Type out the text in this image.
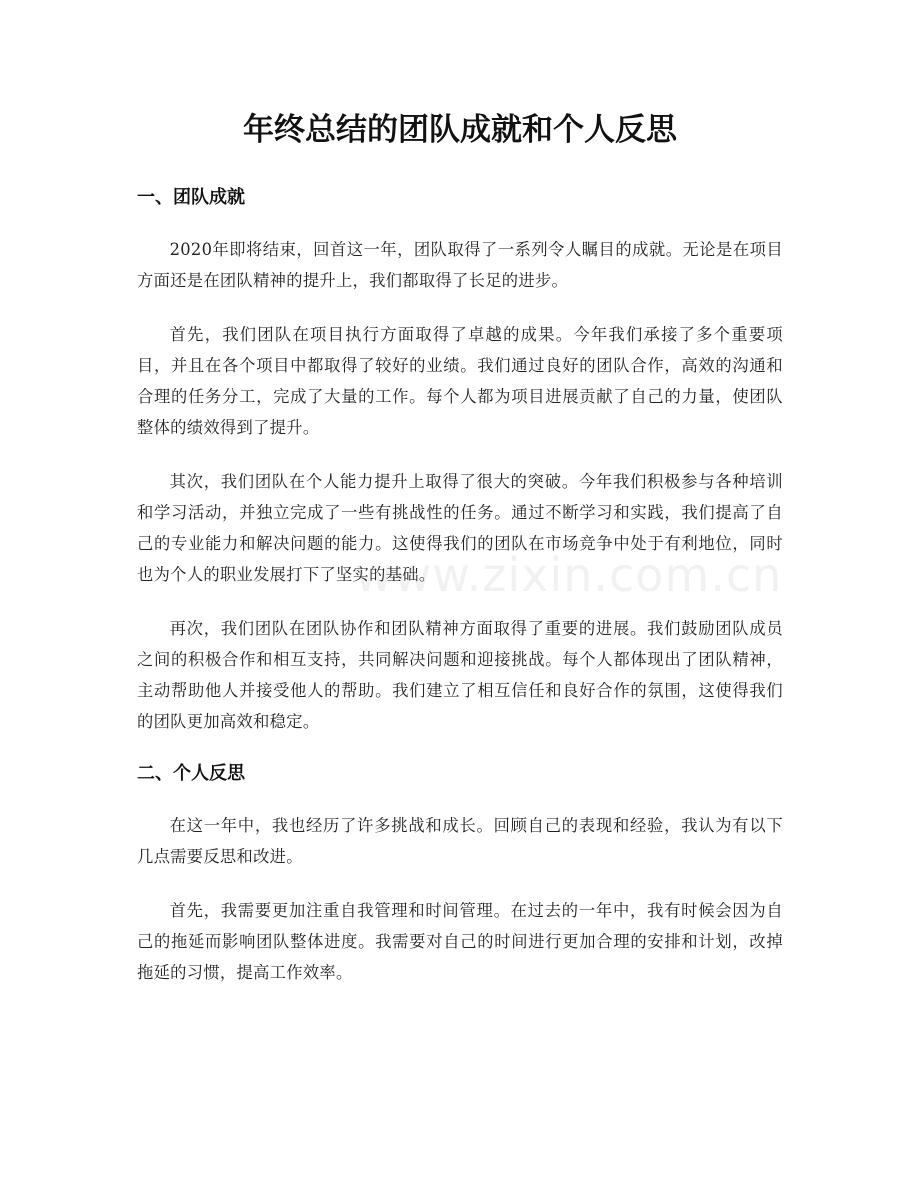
年终总结的团队成就和个人反思
一、团队成就

2020年即将结束，回首这一年，团队取得了一系列令人瞩目的成就。无论是在项目方面还是在团队精神的提升上，我们都取得了长足的进步。

首先，我们团队在项目执行方面取得了卓越的成果。今年我们承接了多个重要项目，并且在各个项目中都取得了较好的业绩。我们通过良好的团队合作，高效的沟通和合理的任务分工，完成了大量的工作。每个人都为项目进展贡献了自己的力量，使团队整体的绩效得到了提升。

其次，我们团队在个人能力提升上取得了很大的突破。今年我们积极参与各种培训和学习活动，并独立完成了一些有挑战性的任务。通过不断学习和实践，我们提高了自己的专业能力和解决问题的能力。这使得我们的团队在市场竞争中处于有利地位，同时也为个人的职业发展打下了坚实的基础。

再次，我们团队在团队协作和团队精神方面取得了重要的进展。我们鼓励团队成员之间的积极合作和相互支持，共同解决问题和迎接挑战。每个人都体现出了团队精神，主动帮助他人并接受他人的帮助。我们建立了相互信任和良好合作的氛围，这使得我们的团队更加高效和稳定。

二、个人反思

在这一年中，我也经历了许多挑战和成长。回顾自己的表现和经验，我认为有以下几点需要反思和改进。

首先，我需要更加注重自我管理和时间管理。在过去的一年中，我有时候会因为自己的拖延而影响团队整体进度。我需要对自己的时间进行更加合理的安排和计划，改掉拖延的习惯，提高工作效率。

www.zixin.com.cn
